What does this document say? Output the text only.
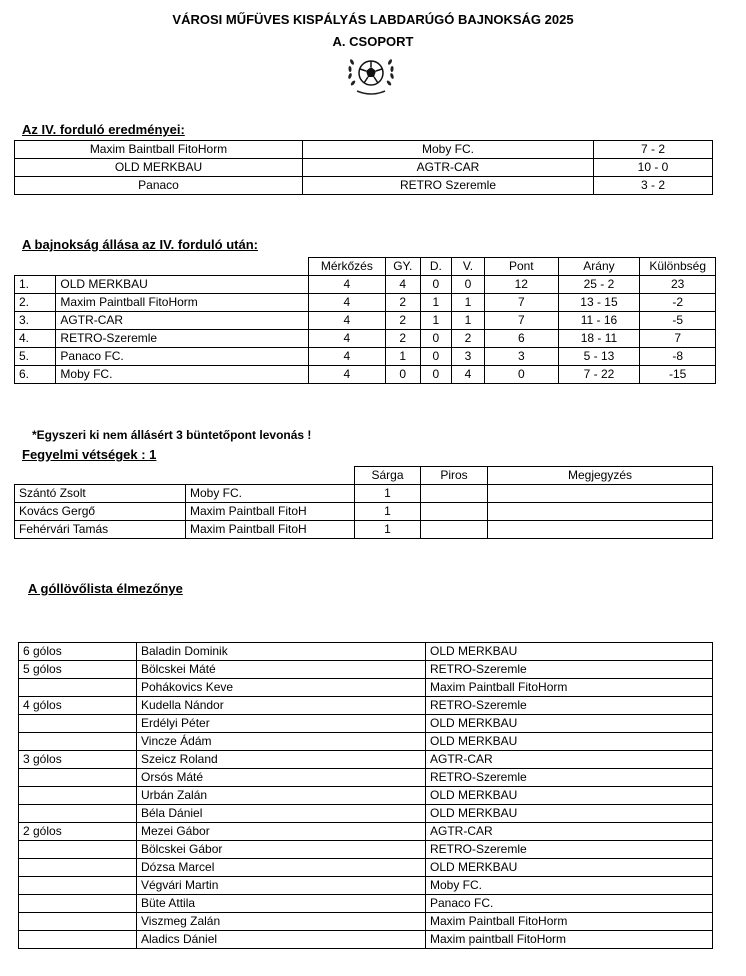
VÁROSI MŰFÜVES KISPÁLYÁS LABDARÚGÓ BAJNOKSÁG 2025
A. CSOPORT
Az IV. forduló eredményei:
Maxim Baintball FitoHorm	Moby FC.	7 - 2
OLD MERKBAU	AGTR-CAR	10 - 0
Panaco	RETRO Szeremle	3 - 2
A bajnokság állása az IV. forduló után:
		Mérkőzés	GY.	D.	V.	Pont	Arány	Különbség
1.	OLD MERKBAU	4	4	0	0	12	25 - 2	23
2.	Maxim Paintball FitoHorm	4	2	1	1	7	13 - 15	-2
3.	AGTR-CAR	4	2	1	1	7	11 - 16	-5
4.	RETRO-Szeremle	4	2	0	2	6	18 - 11	7
5.	Panaco FC.	4	1	0	3	3	5 - 13	-8
6.	Moby FC.	4	0	0	4	0	7 - 22	-15
*Egyszeri ki nem állásért 3 büntetőpont levonás !
Fegyelmi vétségek : 1
		Sárga	Piros	Megjegyzés
Szántó Zsolt	Moby FC.	1		
Kovács Gergő	Maxim Paintball FitoH	1		
Fehérvári Tamás	Maxim Paintball FitoH	1		
A góllövőlista élmezőnye
6 gólos	Baladin Dominik	OLD MERKBAU
5 gólos	Bölcskei Máté	RETRO-Szeremle
	Pohákovics Keve	Maxim Paintball FitoHorm
4 gólos	Kudella Nándor	RETRO-Szeremle
	Erdélyi Péter	OLD MERKBAU
	Vincze Ádám	OLD MERKBAU
3 gólos	Szeicz Roland	AGTR-CAR
	Orsós Máté	RETRO-Szeremle
	Urbán Zalán	OLD MERKBAU
	Béla Dániel	OLD MERKBAU
2 gólos	Mezei Gábor	AGTR-CAR
	Bölcskei Gábor	RETRO-Szeremle
	Dózsa Marcel	OLD MERKBAU
	Végvári Martin	Moby FC.
	Büte Attila	Panaco FC.
	Viszmeg Zalán	Maxim Paintball FitoHorm
	Aladics Dániel	Maxim paintball FitoHorm
